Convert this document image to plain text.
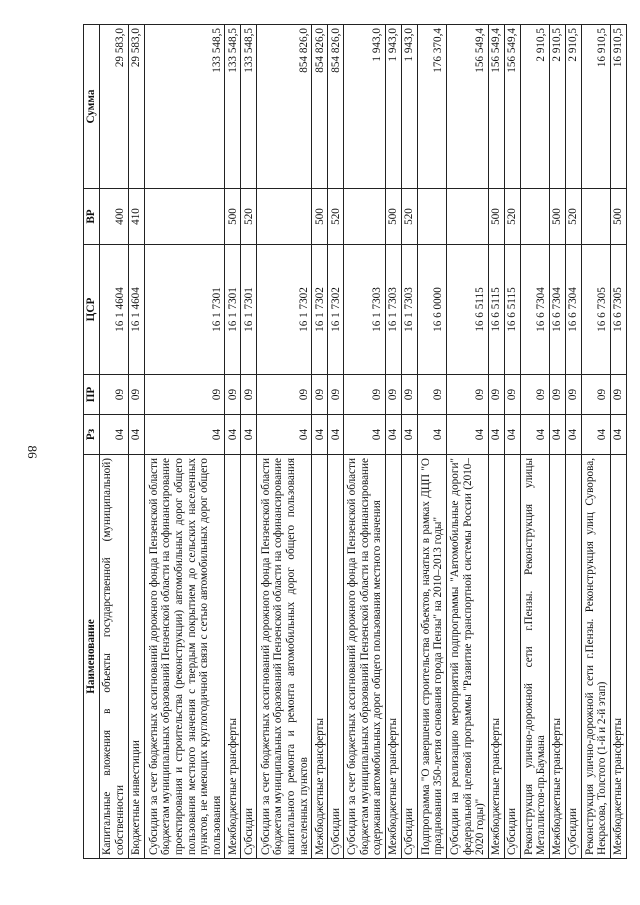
86
Наименование	Рз	ПР	ЦСР	ВР	Сумма
Капитальные вложения в объекты государственной (муниципальной) собственности	04	09	16 1 4604	400	29 583,0
Бюджетные инвестиции	04	09	16 1 4604	410	29 583,0
Субсидии за счет бюджетных ассигнований дорожного фонда Пензенской области бюджетам муниципальных образований Пензенской области на софинансирование проектирования и строительства (реконструкции) автомобильных дорог общего пользования местного значения с твердым покрытием до сельских населенных пунктов, не имеющих круглогодичной связи с сетью автомобильных дорог общего пользования	04	09	16 1 7301		133 548,5
Межбюджетные трансферты	04	09	16 1 7301	500	133 548,5
Субсидии	04	09	16 1 7301	520	133 548,5
Субсидии за счет бюджетных ассигнований дорожного фонда Пензенской области бюджетам муниципальных образований Пензенской области на софинансирование капитального ремонта и ремонта автомобильных дорог общего пользования населенных пунктов	04	09	16 1 7302		854 826,0
Межбюджетные трансферты	04	09	16 1 7302	500	854 826,0
Субсидии	04	09	16 1 7302	520	854 826,0
Субсидии за счет бюджетных ассигнований дорожного фонда Пензенской области бюджетам муниципальных образований Пензенской области на софинансирование содержания автомобильных дорог общего пользования местного значения	04	09	16 1 7303		1 943,0
Межбюджетные трансферты	04	09	16 1 7303	500	1 943,0
Субсидии	04	09	16 1 7303	520	1 943,0
Подпрограмма "О завершении строительства объектов, начатых в рамках ДЦП "О праздновании 350-летия основания города Пензы" на 2010–2013 годы"	04	09	16 6 0000		176 370,4
Субсидии на реализацию мероприятий подпрограммы "Автомобильные дороги" федеральной целевой программы "Развитие транспортной системы России (2010–2020 годы)"	04	09	16 6 5115		156 549,4
Межбюджетные трансферты	04	09	16 6 5115	500	156 549,4
Субсидии	04	09	16 6 5115	520	156 549,4
Реконструкция улично-дорожной сети г.Пензы. Реконструкция улицы Металлистов-пр.Баумана	04	09	16 6 7304		2 910,5
Межбюджетные трансферты	04	09	16 6 7304	500	2 910,5
Субсидии	04	09	16 6 7304	520	2 910,5
Реконструкция улично-дорожной сети г.Пензы. Реконструкция улиц Суворова, Некрасова, Толстого (1-й и 2-й этап)	04	09	16 6 7305		16 910,5
Межбюджетные трансферты	04	09	16 6 7305	500	16 910,5
